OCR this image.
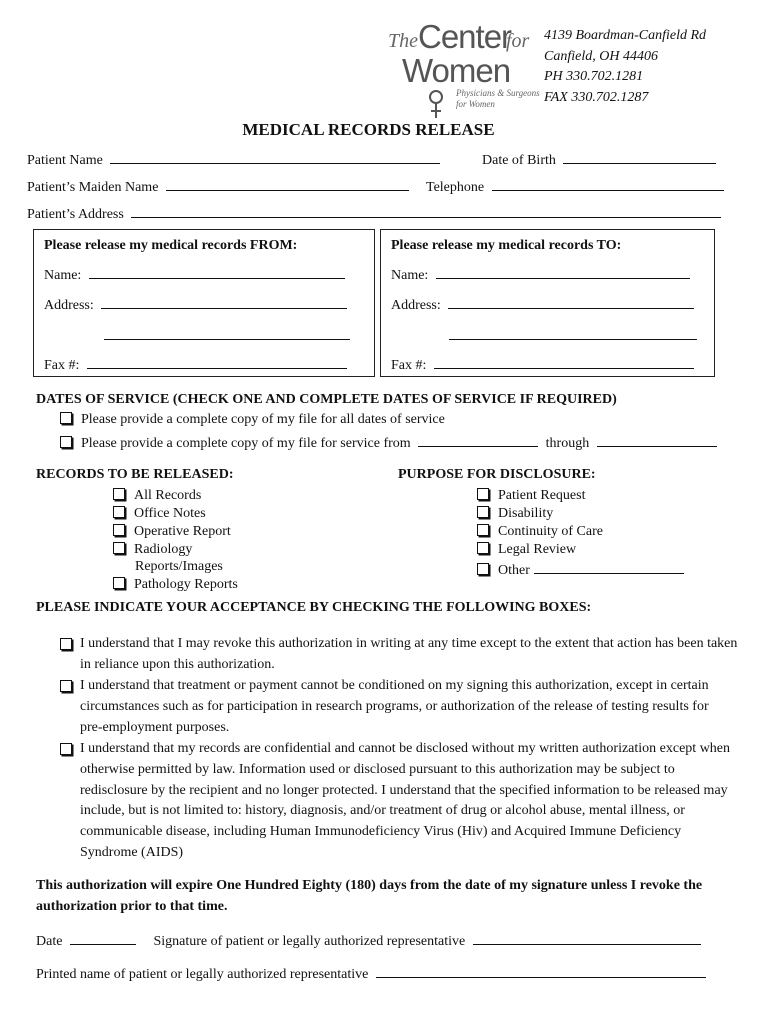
The Center
for
Women
Physicians & Surgeons
for Women
4139 Boardman-Canfield Rd
Canfield, OH 44406
PH 330.702.1281
FAX 330.702.1287
MEDICAL RECORDS RELEASE
Patient Name	Date of Birth
Patient’s Maiden Name	Telephone
Patient’s Address
Please release my medical records FROM:
Name:
Address:
Fax #:
Please release my medical records TO:
Name:
Address:
Fax #:
DATES OF SERVICE (CHECK ONE AND COMPLETE DATES OF SERVICE IF REQUIRED)
Please provide a complete copy of my file for all dates of service
Please provide a complete copy of my file for service from	through
RECORDS TO BE RELEASED:
All Records
Office Notes
Operative Report
Radiology
Reports/Images
Pathology Reports
PURPOSE FOR DISCLOSURE:
Patient Request
Disability
Continuity of Care
Legal Review
Other
PLEASE INDICATE YOUR ACCEPTANCE BY CHECKING THE FOLLOWING BOXES:
I understand that I may revoke this authorization in writing at any time except to the extent that action has been taken in reliance upon this authorization.
I understand that treatment or payment cannot be conditioned on my signing this authorization, except in certain circumstances such as for participation in research programs, or authorization of the release of testing results for pre-employment purposes.
I understand that my records are confidential and cannot be disclosed without my written authorization except when otherwise permitted by law. Information used or disclosed pursuant to this authorization may be subject to redisclosure by the recipient and no longer protected. I understand that the specified information to be released may include, but is not limited to: history, diagnosis, and/or treatment of drug or alcohol abuse, mental illness, or communicable disease, including Human Immunodeficiency Virus (Hiv) and Acquired Immune Deficiency Syndrome (AIDS)
This authorization will expire One Hundred Eighty (180) days from the date of my signature unless I revoke the authorization prior to that time.
Date	Signature of patient or legally authorized representative
Printed name of patient or legally authorized representative
